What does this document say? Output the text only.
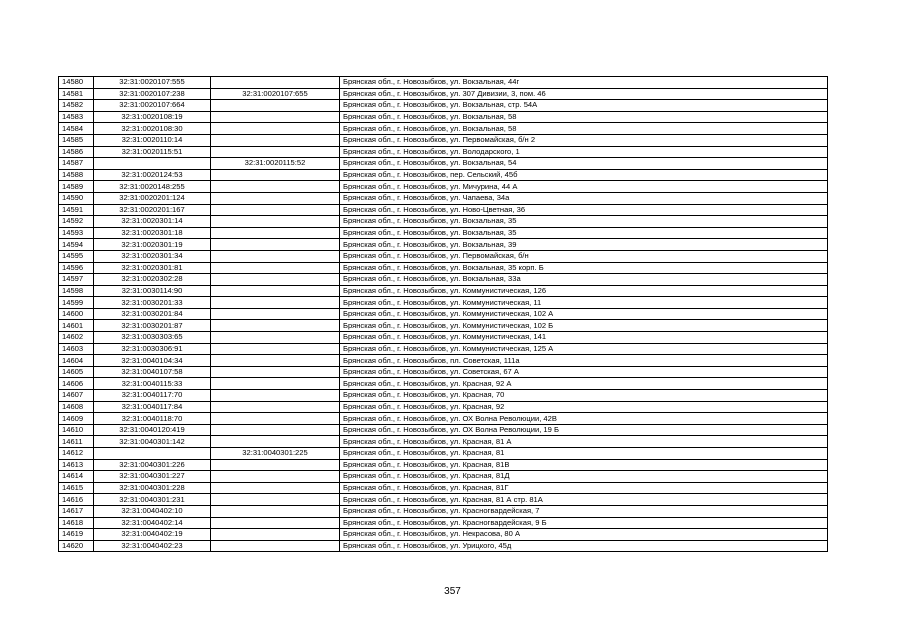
14580	32:31:0020107:555		Брянская обл., г. Новозыбков, ул. Вокзальная, 44г
14581	32:31:0020107:238	32:31:0020107:655	Брянская обл., г. Новозыбков, ул. 307 Дивизии, 3, пом. 46
14582	32:31:0020107:664		Брянская обл., г. Новозыбков, ул. Вокзальная, стр. 54А
14583	32:31:0020108:19		Брянская обл., г. Новозыбков, ул. Вокзальная, 58
14584	32:31:0020108:30		Брянская обл., г. Новозыбков, ул. Вокзальная, 58
14585	32:31:0020110:14		Брянская обл., г. Новозыбков, ул. Первомайская, б/н 2
14586	32:31:0020115:51		Брянская обл., г. Новозыбков, ул. Володарского, 1
14587		32:31:0020115:52	Брянская обл., г. Новозыбков, ул. Вокзальная, 54
14588	32:31:0020124:53		Брянская обл., г. Новозыбков, пер. Сельский, 45б
14589	32:31:0020148:255		Брянская обл., г. Новозыбков, ул. Мичурина, 44 А
14590	32:31:0020201:124		Брянская обл., г. Новозыбков, ул. Чапаева, 34а
14591	32:31:0020201:167		Брянская обл., г. Новозыбков, ул. Ново-Цветная, 36
14592	32:31:0020301:14		Брянская обл., г. Новозыбков, ул. Вокзальная, 35
14593	32:31:0020301:18		Брянская обл., г. Новозыбков, ул. Вокзальная, 35
14594	32:31:0020301:19		Брянская обл., г. Новозыбков, ул. Вокзальная, 39
14595	32:31:0020301:34		Брянская обл., г. Новозыбков, ул. Первомайская, б/н
14596	32:31:0020301:81		Брянская обл., г. Новозыбков, ул. Вокзальная, 35 корп. Б
14597	32:31:0020302:28		Брянская обл., г. Новозыбков, ул. Вокзальная, 33а
14598	32:31:0030114:90		Брянская обл., г. Новозыбков, ул. Коммунистическая, 126
14599	32:31:0030201:33		Брянская обл., г. Новозыбков, ул. Коммунистическая, 11
14600	32:31:0030201:84		Брянская обл., г. Новозыбков, ул. Коммунистическая, 102 А
14601	32:31:0030201:87		Брянская обл., г. Новозыбков, ул. Коммунистическая, 102 Б
14602	32:31:0030303:65		Брянская обл., г. Новозыбков, ул. Коммунистическая, 141
14603	32:31:0030306:91		Брянская обл., г. Новозыбков, ул. Коммунистическая, 125 А
14604	32:31:0040104:34		Брянская обл., г. Новозыбков, пл. Советская, 111а
14605	32:31:0040107:58		Брянская обл., г. Новозыбков, ул. Советская, 67 А
14606	32:31:0040115:33		Брянская обл., г. Новозыбков, ул. Красная, 92 А
14607	32:31:0040117:70		Брянская обл., г. Новозыбков, ул. Красная, 70
14608	32:31:0040117:84		Брянская обл., г. Новозыбков, ул. Красная, 92
14609	32:31:0040118:70		Брянская обл., г. Новозыбков, ул. ОХ Волна Революции, 42В
14610	32:31:0040120:419		Брянская обл., г. Новозыбков, ул. ОХ Волна Революции, 19 Б
14611	32:31:0040301:142		Брянская обл., г. Новозыбков, ул. Красная, 81 А
14612		32:31:0040301:225	Брянская обл., г. Новозыбков, ул. Красная, 81
14613	32:31:0040301:226		Брянская обл., г. Новозыбков, ул. Красная, 81В
14614	32:31:0040301:227		Брянская обл., г. Новозыбков, ул. Красная, 81Д
14615	32:31:0040301:228		Брянская обл., г. Новозыбков, ул. Красная, 81Г
14616	32:31:0040301:231		Брянская обл., г. Новозыбков, ул. Красная, 81 А стр. 81А
14617	32:31:0040402:10		Брянская обл., г. Новозыбков, ул. Красногвардейская, 7
14618	32:31:0040402:14		Брянская обл., г. Новозыбков, ул. Красногвардейская, 9 Б
14619	32:31:0040402:19		Брянская обл., г. Новозыбков, ул. Некрасова, 80 А
14620	32:31:0040402:23		Брянская обл., г. Новозыбков, ул. Урицкого, 45д
357
